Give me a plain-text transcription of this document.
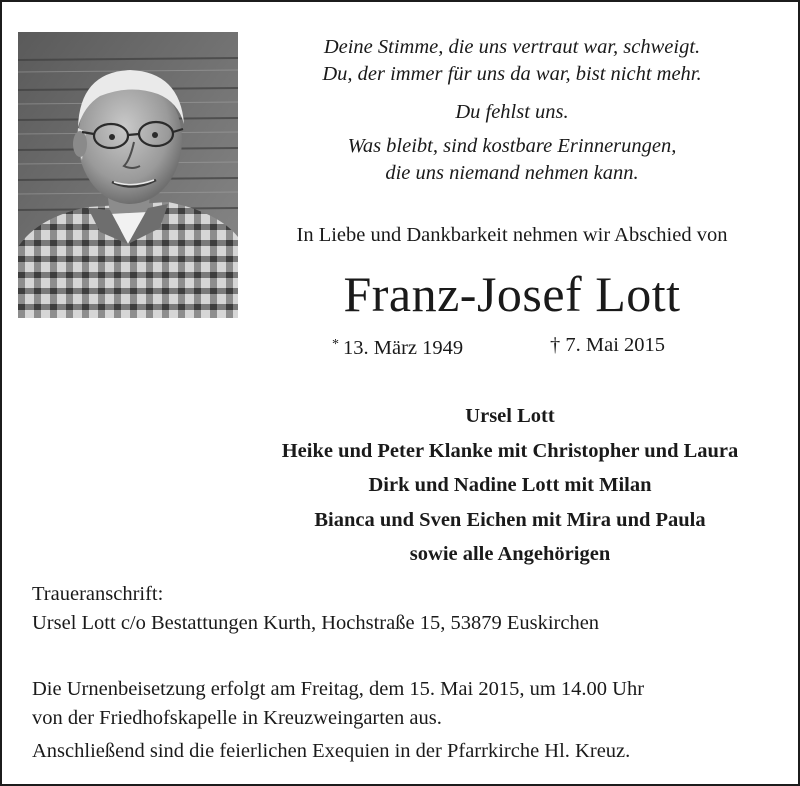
Deine Stimme, die uns vertraut war, schweigt.

Du, der immer für uns da war, bist nicht mehr.

Du fehlst uns.

Was bleibt, sind kostbare Erinnerungen,

die uns niemand nehmen kann.

In Liebe und Dankbarkeit nehmen wir Abschied von
Franz-Josef Lott
* 13. März 1949	† 7. Mai 2015
Ursel Lott
Heike und Peter Klanke mit Christopher und Laura
Dirk und Nadine Lott mit Milan
Bianca und Sven Eichen mit Mira und Paula
sowie alle Angehörigen
Traueranschrift:
Ursel Lott c/o Bestattungen Kurth, Hochstraße 15, 53879 Euskirchen
Die Urnenbeisetzung erfolgt am Freitag, dem 15. Mai 2015, um 14.00 Uhr
von der Friedhofskapelle in Kreuzweingarten aus.
Anschließend sind die feierlichen Exequien in der Pfarrkirche Hl. Kreuz.
